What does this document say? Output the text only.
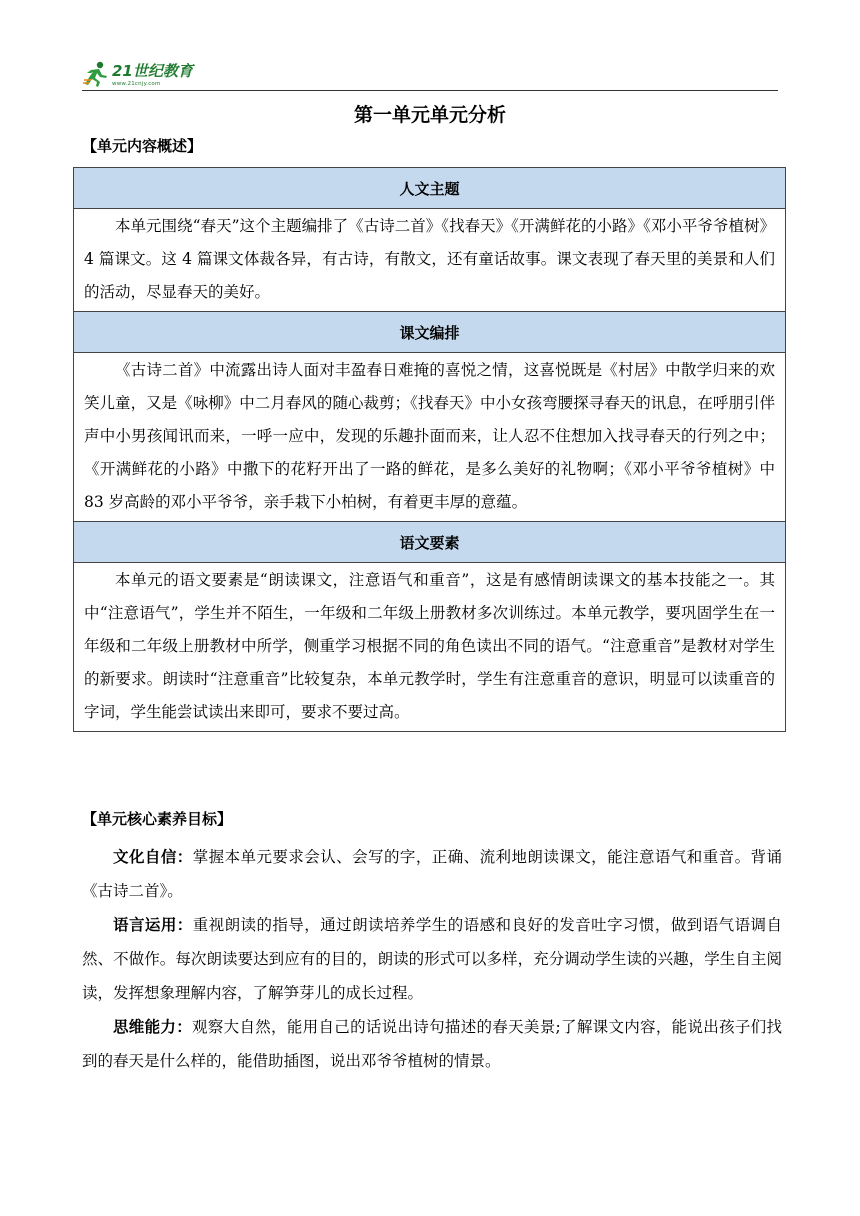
21世纪教育
www.21cnjy.com
第一单元单元分析
【单元内容概述】
人文主题
本单元围绕“春天”这个主题编排了《古诗二首》《找春天》《开满鲜花的小路》《邓小平爷爷植树》4 篇课文。这 4 篇课文体裁各异，有古诗，有散文，还有童话故事。课文表现了春天里的美景和人们的活动，尽显春天的美好。
课文编排
《古诗二首》中流露出诗人面对丰盈春日难掩的喜悦之情，这喜悦既是《村居》中散学归来的欢笑儿童，又是《咏柳》中二月春风的随心裁剪；《找春天》中小女孩弯腰探寻春天的讯息，在呼朋引伴声中小男孩闻讯而来，一呼一应中，发现的乐趣扑面而来，让人忍不住想加入找寻春天的行列之中；《开满鲜花的小路》中撒下的花籽开出了一路的鲜花，是多么美好的礼物啊；《邓小平爷爷植树》中 83 岁高龄的邓小平爷爷，亲手栽下小柏树，有着更丰厚的意蕴。
语文要素
本单元的语文要素是“朗读课文，注意语气和重音”，这是有感情朗读课文的基本技能之一。其中“注意语气”，学生并不陌生，一年级和二年级上册教材多次训练过。本单元教学，要巩固学生在一年级和二年级上册教材中所学，侧重学习根据不同的角色读出不同的语气。“注意重音”是教材对学生的新要求。朗读时“注意重音”比较复杂，本单元教学时，学生有注意重音的意识，明显可以读重音的字词，学生能尝试读出来即可，要求不要过高。
【单元核心素养目标】

文化自信：掌握本单元要求会认、会写的字，正确、流利地朗读课文，能注意语气和重音。背诵《古诗二首》。

语言运用：重视朗读的指导，通过朗读培养学生的语感和良好的发音吐字习惯，做到语气语调自然、不做作。每次朗读要达到应有的目的，朗读的形式可以多样，充分调动学生读的兴趣，学生自主阅读，发挥想象理解内容，了解笋芽儿的成长过程。

思维能力：观察大自然，能用自己的话说出诗句描述的春天美景;了解课文内容，能说出孩子们找到的春天是什么样的，能借助插图，说出邓爷爷植树的情景。
